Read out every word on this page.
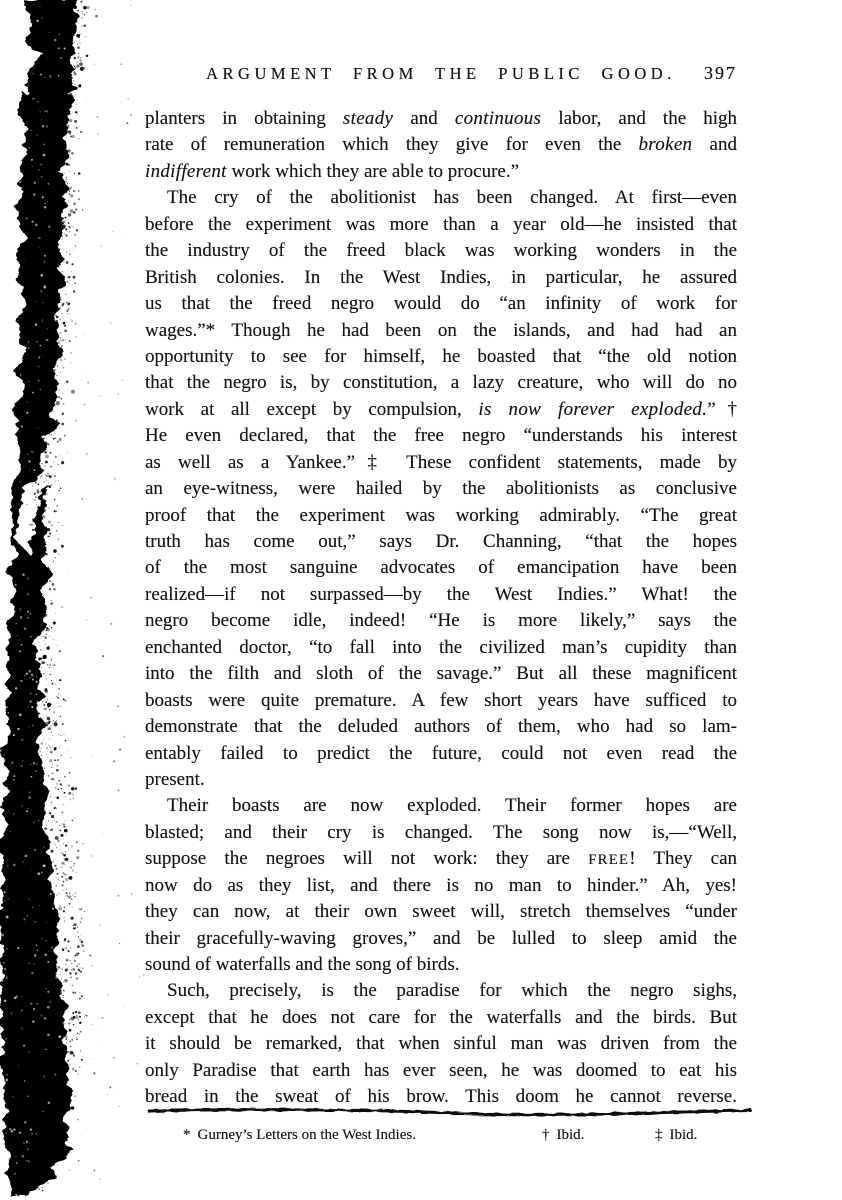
ARGUMENT FROM THE PUBLIC GOOD. 397
planters in obtaining steady and continuous labor, and the high
rate of remuneration which they give for even the broken and
indifferent work which they are able to procure.”
The cry of the abolitionist has been changed. At first—even
before the experiment was more than a year old—he insisted that
the industry of the freed black was working wonders in the
British colonies. In the West Indies, in particular, he assured
us that the freed negro would do “an infinity of work for
wages.”* Though he had been on the islands, and had had an
opportunity to see for himself, he boasted that “the old notion
that the negro is, by constitution, a lazy creature, who will do no
work at all except by compulsion, is now forever exploded.”†
He even declared, that the free negro “understands his interest
as well as a Yankee.”‡ These confident statements, made by
an eye-witness, were hailed by the abolitionists as conclusive
proof that the experiment was working admirably. “The great
truth has come out,” says Dr. Channing, “that the hopes
of the most sanguine advocates of emancipation have been
realized—if not surpassed—by the West Indies.” What! the
negro become idle, indeed! “He is more likely,” says the
enchanted doctor, “to fall into the civilized man’s cupidity than
into the filth and sloth of the savage.” But all these magnificent
boasts were quite premature. A few short years have sufficed to
demonstrate that the deluded authors of them, who had so lam-
entably failed to predict the future, could not even read the
present.
Their boasts are now exploded. Their former hopes are
blasted; and their cry is changed. The song now is,—“Well,
suppose the negroes will not work: they are FREE! They can
now do as they list, and there is no man to hinder.” Ah, yes!
they can now, at their own sweet will, stretch themselves “under
their gracefully-waving groves,” and be lulled to sleep amid the
sound of waterfalls and the song of birds.
Such, precisely, is the paradise for which the negro sighs,
except that he does not care for the waterfalls and the birds. But
it should be remarked, that when sinful man was driven from the
only Paradise that earth has ever seen, he was doomed to eat his
bread in the sweat of his brow. This doom he cannot reverse.
* Gurney’s Letters on the West Indies.	† Ibid.	‡ Ibid.
